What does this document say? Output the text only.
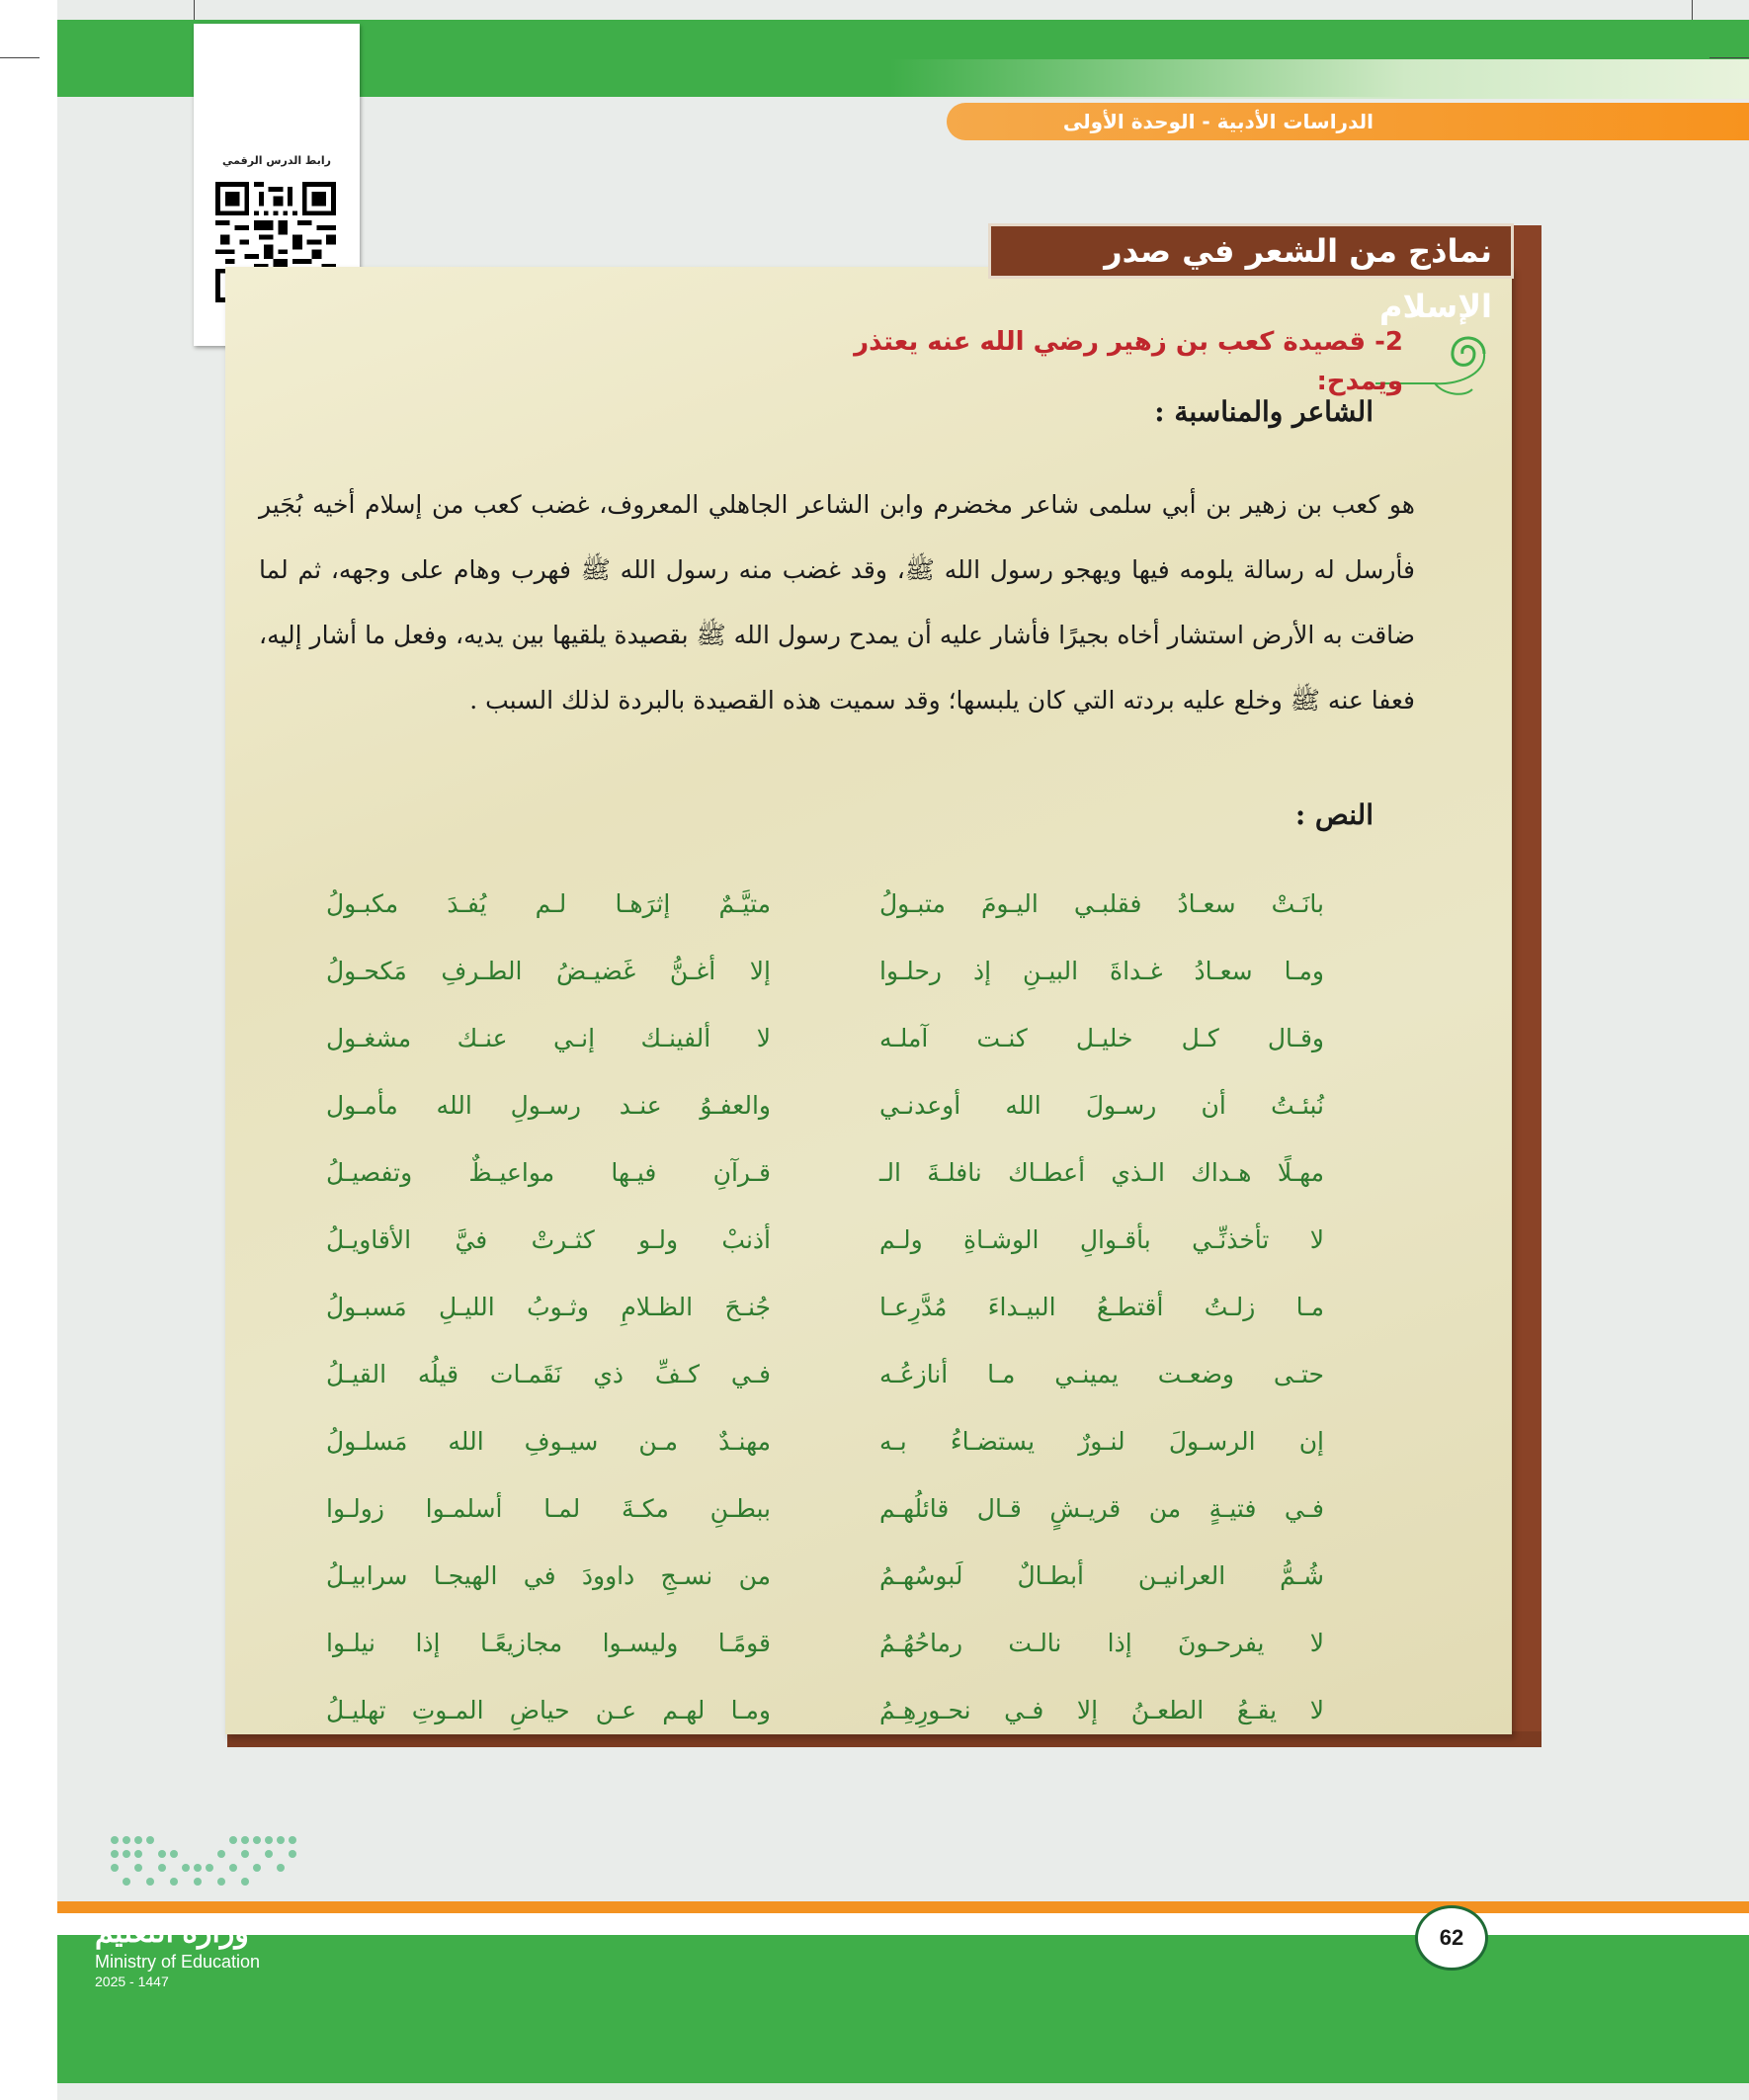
الدراسات الأدبية - الوحدة الأولى
رابط الدرس الرقمي
نماذج من الشعر في صدر الإسلام
2- قصيدة كعب بن زهير رضي الله عنه يعتذر ويمدح:
الشاعر والمناسبة :
هو كعب بن زهير بن أبي سلمى شاعر مخضرم وابن الشاعر الجاهلي المعروف، غضب كعب من إسلام أخيه بُجَير فأرسل له رسالة يلومه فيها ويهجو رسول الله ﷺ، وقد غضب منه رسول الله ﷺ فهرب وهام على وجهه، ثم لما ضاقت به الأرض استشار أخاه بجيرًا فأشار عليه أن يمدح رسول الله ﷺ بقصيدة يلقيها بين يديه، وفعل ما أشار إليه، فعفا عنه ﷺ وخلع عليه بردته التي كان يلبسها؛ وقد سميت هذه القصيدة بالبردة لذلك السبب .
النص :
بانَـتْ سعـادُ فقلبـي اليـومَ متبـولُ
متيَّـمٌ إثرَهـا لـم يُفـدَ مكبـولُ
ومـا سعـادُ غـداةَ البيـنِ إذ رحلـوا
إلا أغـنُّ غَضيـضُ الطـرفِ مَكحـولُ
وقـال كـل خليـل كنـت آملـه
لا ألفينـك إنـي عنـك مشغـول
نُبئـتُ أن رسـولَ الله أوعدنـي
والعفـوُ عنـد رسـولِ الله مأمـول
مهـلًا هـداك الـذي أعطـاك نافلـةَ الـ
قـرآنِ فيـها مواعيـظٌ وتفصيـلُ
لا تأخذنِّـي بأقـوالِ الوشـاةِ ولـم
أذنبْ ولـو كثـرتْ فيَّ الأقاويـلُ
مـا زلـتُ أقتطـعُ البيـداءَ مُدَّرِعـا
جُنـحَ الظـلامِ وثـوبُ الليـلِ مَسبـولُ
حتـى وضعـت يمينـي مـا أنازعُـه
فـي كـفِّ ذي نَقَمـات قيلُه القيـلُ
إن الرسـولَ لنـورٌ يستضـاءُ بـه
مهنـدٌ مـن سيـوفِ الله مَسلـولُ
فـي فتيـةٍ من قريـشٍ قـال قائلُهـم
ببطـنِ مكـةَ لمـا أسلمـوا زولـوا
شُـمُّ العرانيـن أبطـالٌ لَبوسُهـمُ
من نسـجِ داوودَ في الهيجـا سرابيـلُ
لا يفرحـونَ إذا نالـت رماحُهُـمُ
قومًـا وليسـوا مجازيعًـا إذا نيلـوا
لا يقـعُ الطعـنُ إلا فـي نحـورِهِـمُ
ومـا لهـم عـن حياضِ المـوتِ تهليـلُ
وزارة التعليم
Ministry of Education
2025 - 1447
62
